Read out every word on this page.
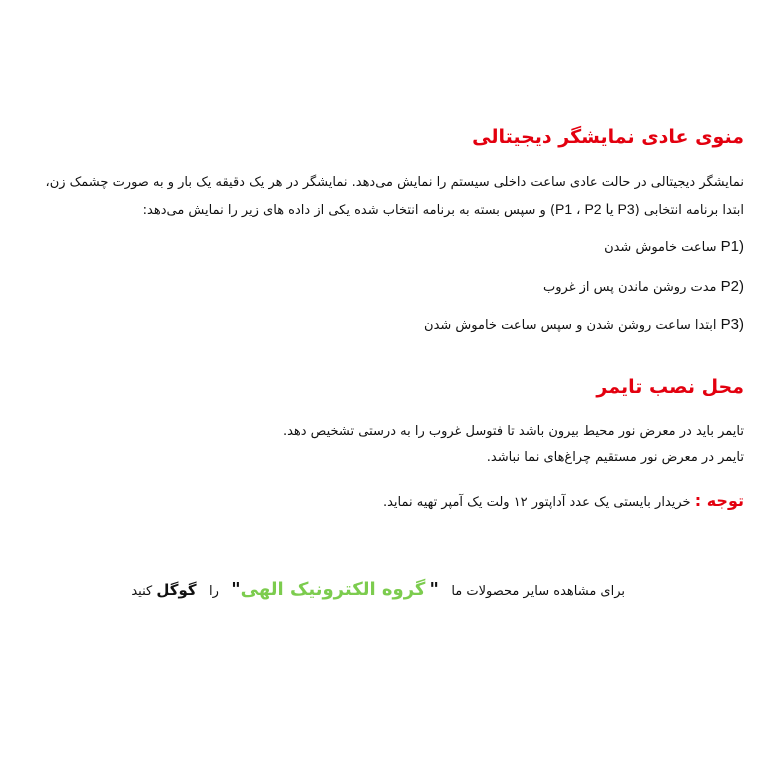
منوی عادی نمایشگر دیجیتالی
نمایشگر دیجیتالی در حالت عادی ساعت داخلی سیستم را نمایش می‌دهد. نمایشگر در هر یک دقیقه یک بار و به صورت چشمک زن،
ابتدا برنامه انتخابی (P1 ، P2 یا P3) و سپس بسته به برنامه انتخاب شده یکی از داده های زیر را نمایش می‌دهد:
P1) ساعت خاموش شدن
P2) مدت روشن ماندن پس از غروب
P3) ابتدا ساعت روشن شدن و سپس ساعت خاموش شدن
محل نصب تایمر
تایمر باید در معرض نور محیط بیرون باشد تا فتوسل غروب را به درستی تشخیص دهد.
تایمر در معرض نور مستقیم چراغ‌های نما نباشد.
توجه : خریدار بایستی یک عدد آداپتور ۱۲ ولت یک آمپر تهیه نماید.
برای مشاهده سایر محصولات ما   " گروه الکترونیک الهی"   را   گوگل کنید
